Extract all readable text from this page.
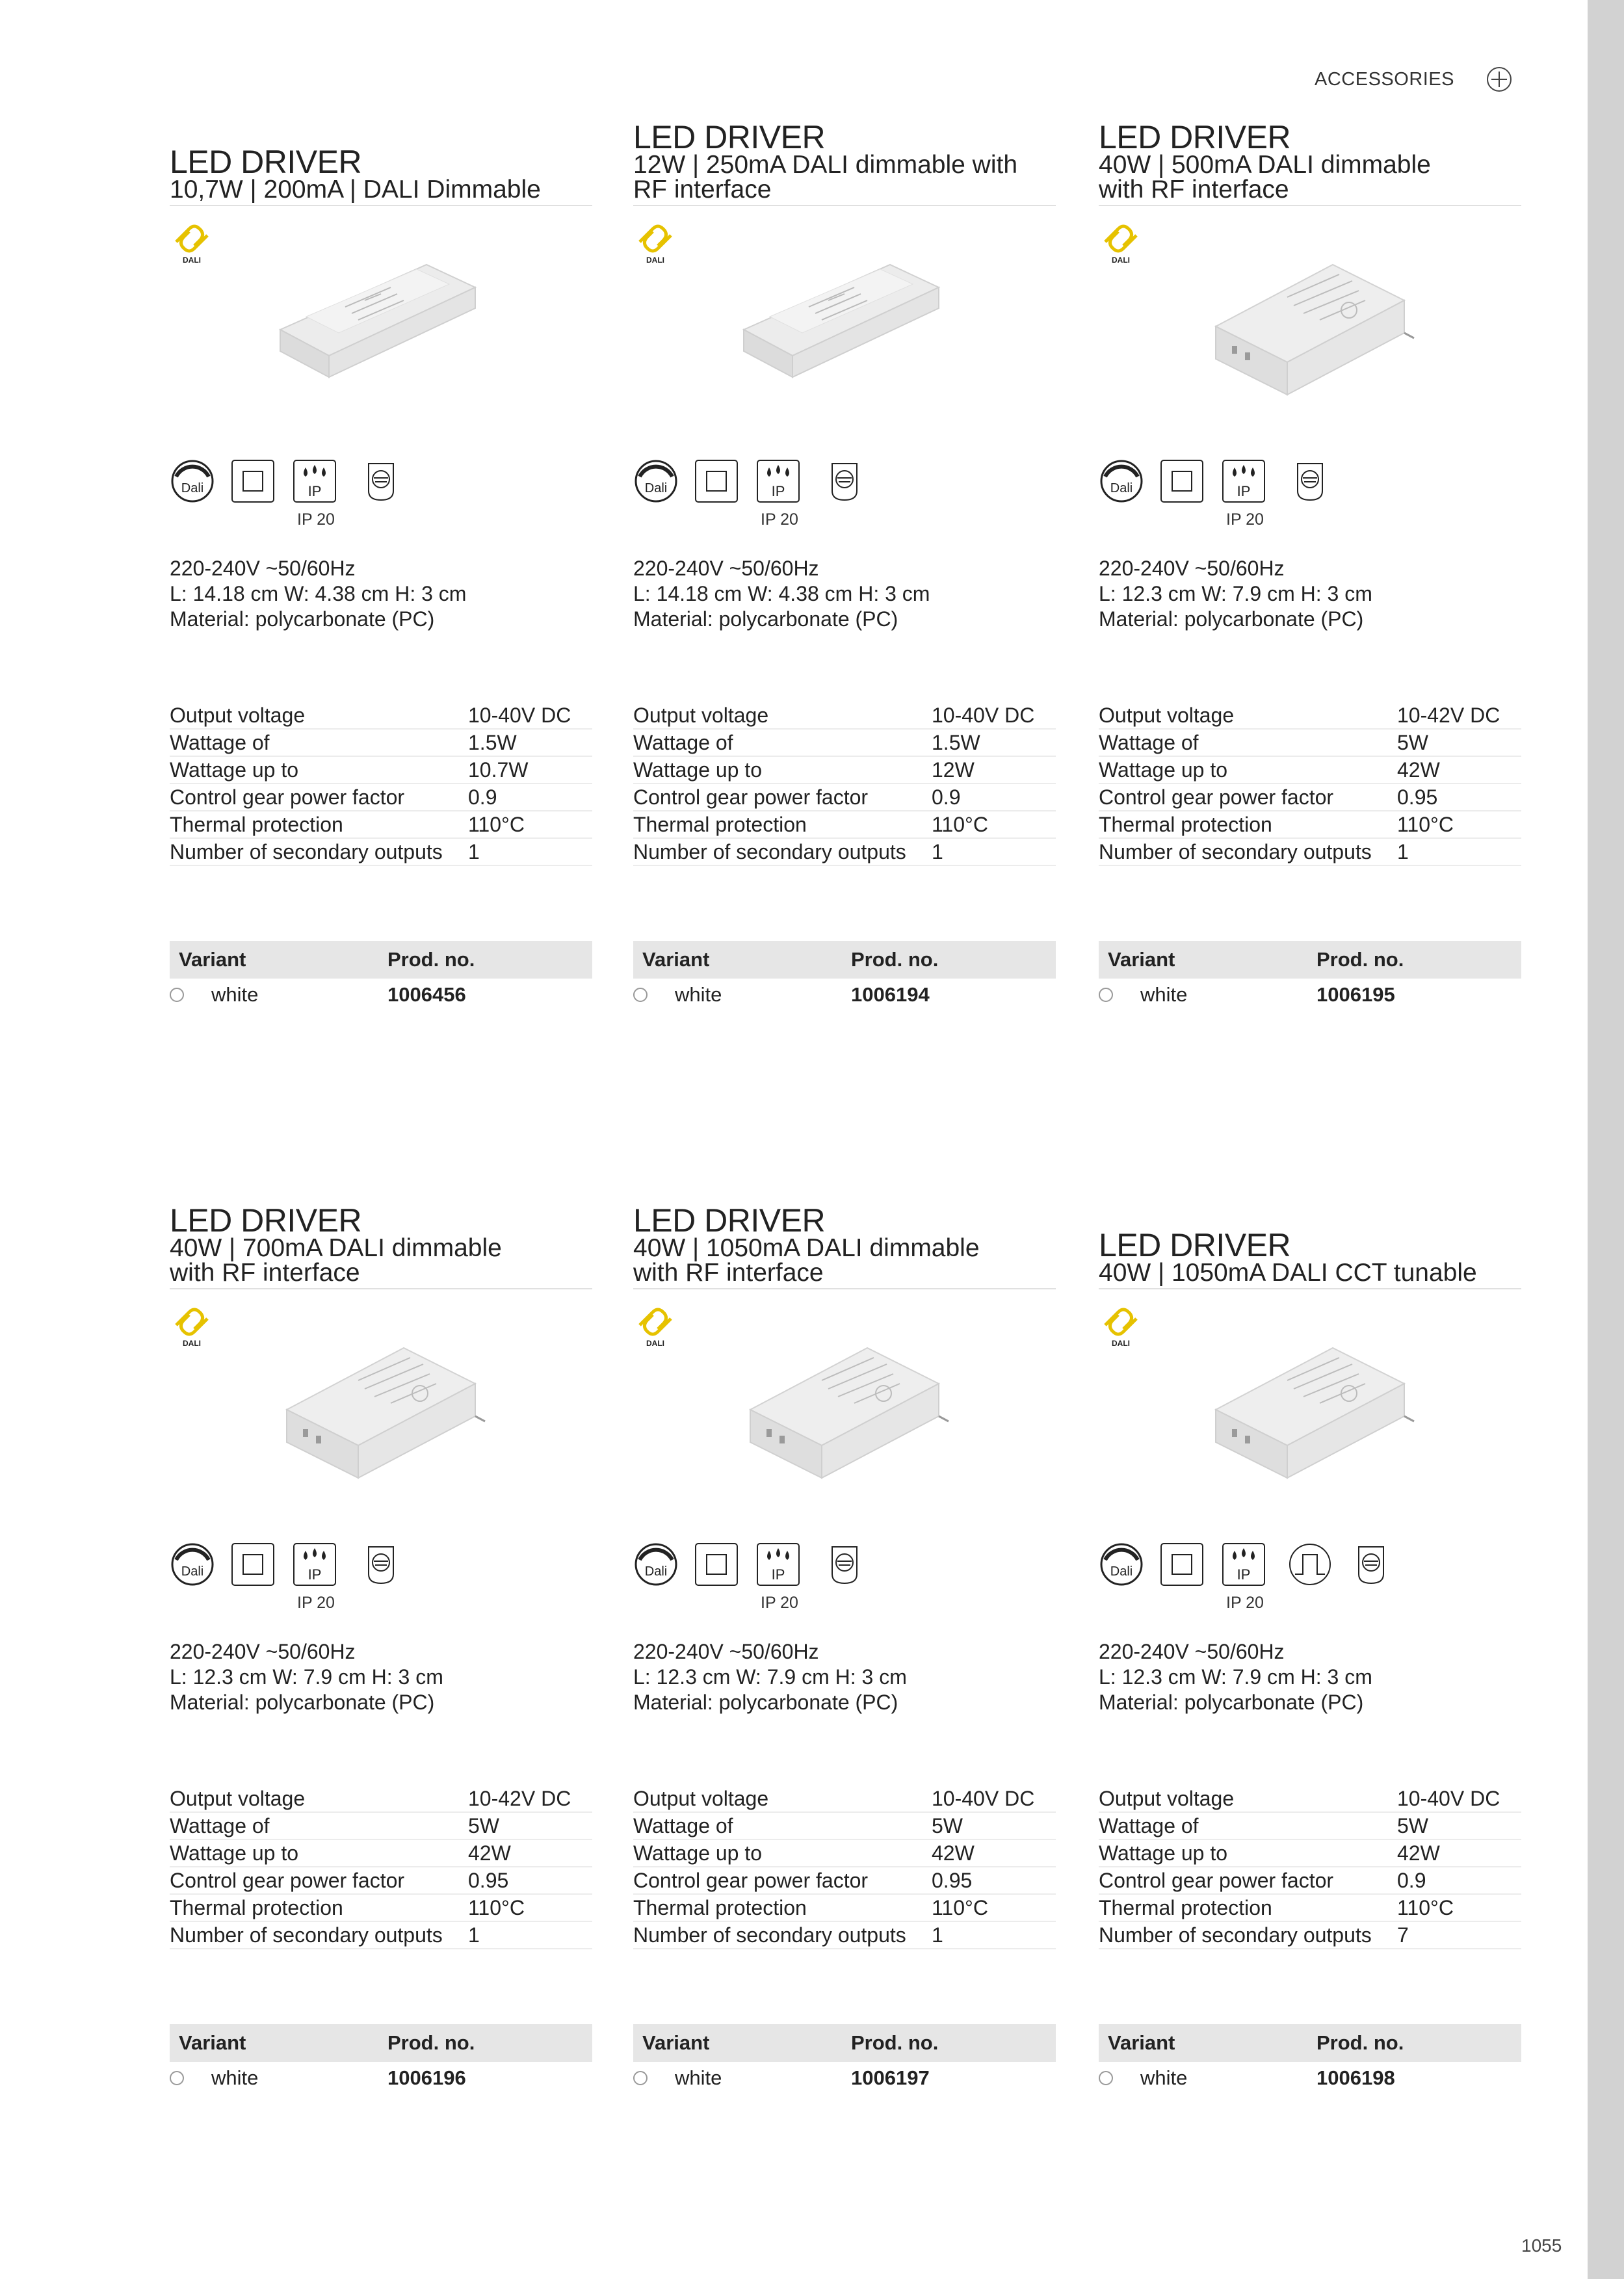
ACCESSORIES
1055
LED DRIVER
10,7W | 200mA | DALI Dimmable
DALI
Dali	IP
IP 20
220-240V ~50/60Hz
L: 14.18 cm W: 4.38 cm H: 3 cm
Material: polycarbonate (PC)
Output voltage	10-40V DC
Wattage of	1.5W
Wattage up to	10.7W
Control gear power factor	0.9
Thermal protection	110°C
Number of secondary outputs 1
Variant	Prod. no.
white	1006456
LED DRIVER
12W | 250mA DALI dimmable with
RF interface
DALI
Dali	IP
IP 20
220-240V ~50/60Hz
L: 14.18 cm W: 4.38 cm H: 3 cm
Material: polycarbonate (PC)
Output voltage	10-40V DC
Wattage of	1.5W
Wattage up to	12W
Control gear power factor	0.9
Thermal protection	110°C
Number of secondary outputs 1
Variant	Prod. no.
white	1006194
LED DRIVER
40W | 500mA DALI dimmable
with RF interface
DALI
Dali	IP
IP 20
220-240V ~50/60Hz
L: 12.3 cm W: 7.9 cm H: 3 cm
Material: polycarbonate (PC)
Output voltage	10-42V DC
Wattage of	5W
Wattage up to	42W
Control gear power factor	0.95
Thermal protection	110°C
Number of secondary outputs 1
Variant	Prod. no.
white	1006195
LED DRIVER
40W | 700mA DALI dimmable
with RF interface
DALI
Dali	IP
IP 20
220-240V ~50/60Hz
L: 12.3 cm W: 7.9 cm H: 3 cm
Material: polycarbonate (PC)
Output voltage	10-42V DC
Wattage of	5W
Wattage up to	42W
Control gear power factor	0.95
Thermal protection	110°C
Number of secondary outputs 1
Variant	Prod. no.
white	1006196
LED DRIVER
40W | 1050mA DALI dimmable
with RF interface
DALI
Dali	IP
IP 20
220-240V ~50/60Hz
L: 12.3 cm W: 7.9 cm H: 3 cm
Material: polycarbonate (PC)
Output voltage	10-40V DC
Wattage of	5W
Wattage up to	42W
Control gear power factor	0.95
Thermal protection	110°C
Number of secondary outputs 1
Variant	Prod. no.
white	1006197
LED DRIVER
40W | 1050mA DALI CCT tunable
DALI
Dali	IP
IP 20
220-240V ~50/60Hz
L: 12.3 cm W: 7.9 cm H: 3 cm
Material: polycarbonate (PC)
Output voltage	10-40V DC
Wattage of	5W
Wattage up to	42W
Control gear power factor	0.9
Thermal protection	110°C
Number of secondary outputs 7
Variant	Prod. no.
white	1006198
